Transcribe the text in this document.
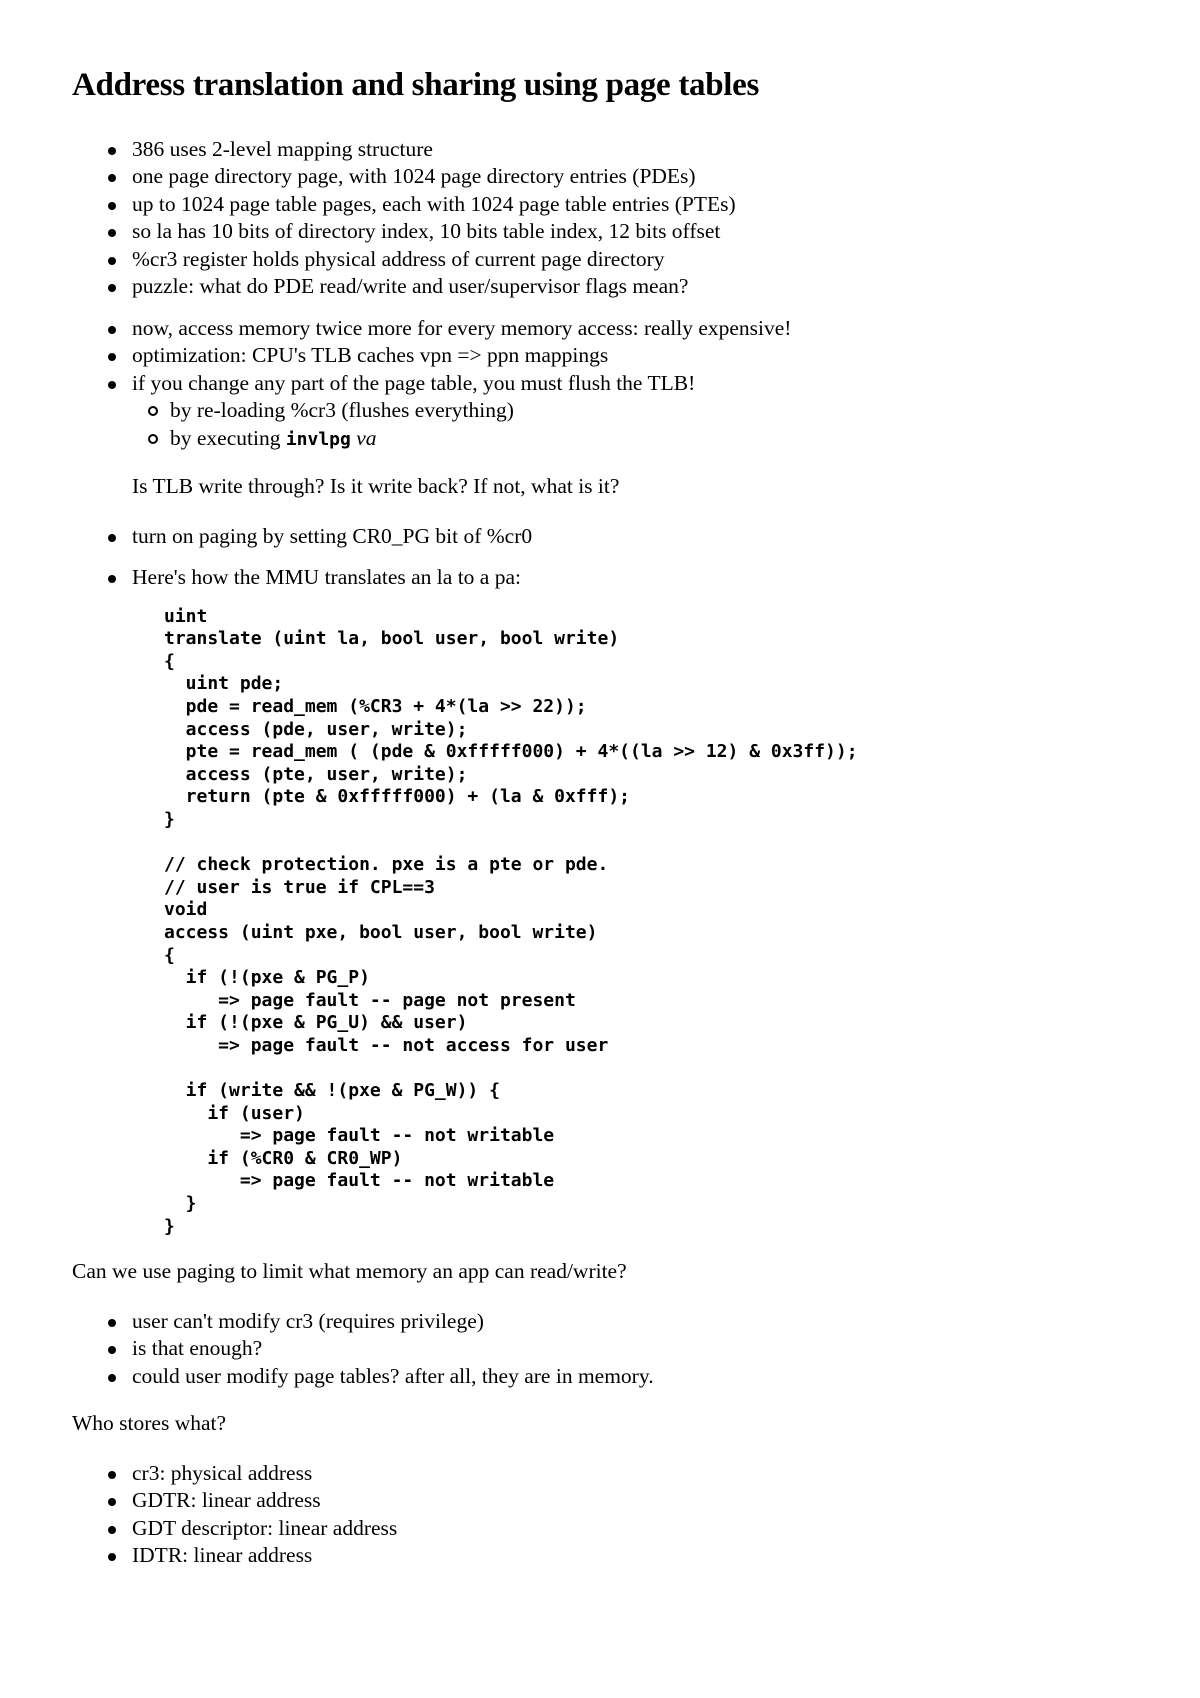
Address translation and sharing using page tables
386 uses 2-level mapping structure
one page directory page, with 1024 page directory entries (PDEs)
up to 1024 page table pages, each with 1024 page table entries (PTEs)
so la has 10 bits of directory index, 10 bits table index, 12 bits offset
%cr3 register holds physical address of current page directory
puzzle: what do PDE read/write and user/supervisor flags mean?
now, access memory twice more for every memory access: really expensive!
optimization: CPU's TLB caches vpn => ppn mappings
if you change any part of the page table, you must flush the TLB!
by re-loading %cr3 (flushes everything)
by executing invlpg va

Is TLB write through? Is it write back? If not, what is it?

turn on paging by setting CR0_PG bit of %cr0
Here's how the MMU translates an la to a pa:
uint
translate (uint la, bool user, bool write)
{
uint pde;
pde = read_mem (%CR3 + 4*(la >> 22));
access (pde, user, write);
pte = read_mem ( (pde & 0xfffff000) + 4*((la >> 12) & 0x3ff));
access (pte, user, write);
return (pte & 0xfffff000) + (la & 0xfff);
}

// check protection. pxe is a pte or pde.
// user is true if CPL==3
void
access (uint pxe, bool user, bool write)
{
if (!(pxe & PG_P)
=> page fault -- page not present
if (!(pxe & PG_U) && user)
=> page fault -- not access for user

if (write && !(pxe & PG_W)) {
if (user)
=> page fault -- not writable
if (%CR0 & CR0_WP)
=> page fault -- not writable
}
}

Can we use paging to limit what memory an app can read/write?

user can't modify cr3 (requires privilege)
is that enough?
could user modify page tables? after all, they are in memory.

Who stores what?

cr3: physical address
GDTR: linear address
GDT descriptor: linear address
IDTR: linear address
